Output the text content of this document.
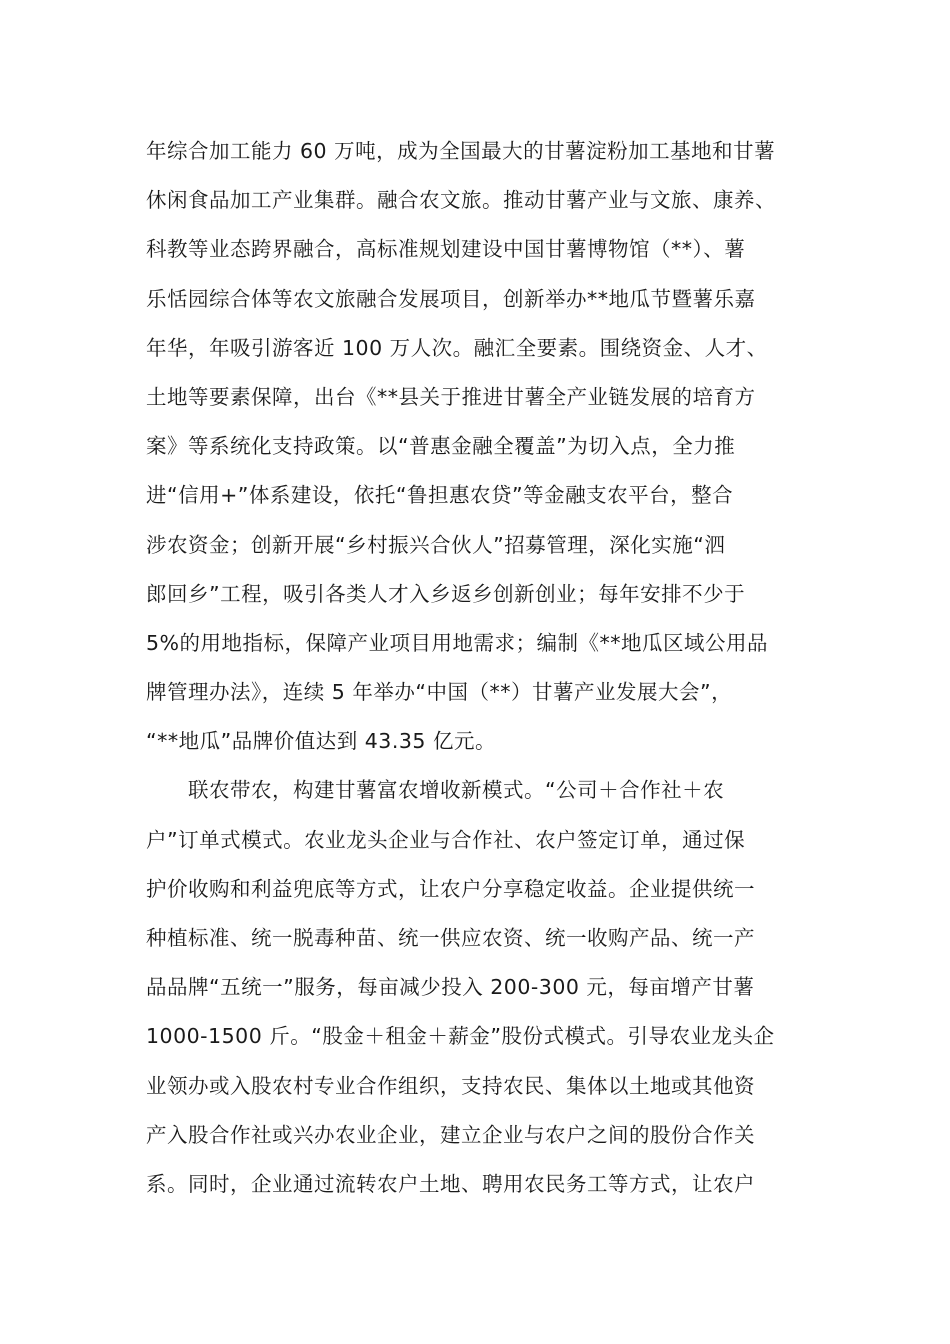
年综合加工能力 60 万吨，成为全国最大的甘薯淀粉加工基地和甘薯
休闲食品加工产业集群。融合农文旅。推动甘薯产业与文旅、康养、
科教等业态跨界融合，高标准规划建设中国甘薯博物馆（**）、薯
乐恬园综合体等农文旅融合发展项目，创新举办**地瓜节暨薯乐嘉
年华，年吸引游客近 100 万人次。融汇全要素。围绕资金、人才、
土地等要素保障，出台《**县关于推进甘薯全产业链发展的培育方
案》等系统化支持政策。以“普惠金融全覆盖”为切入点，全力推
进“信用+”体系建设，依托“鲁担惠农贷”等金融支农平台，整合
涉农资金；创新开展“乡村振兴合伙人”招募管理，深化实施“泗
郎回乡”工程，吸引各类人才入乡返乡创新创业；每年安排不少于
5%的用地指标，保障产业项目用地需求；编制《**地瓜区域公用品
牌管理办法》，连续 5 年举办“中国（**）甘薯产业发展大会”，
“**地瓜”品牌价值达到 43.35 亿元。
联农带农，构建甘薯富农增收新模式。“公司＋合作社＋农
户”订单式模式。农业龙头企业与合作社、农户签定订单，通过保
护价收购和利益兜底等方式，让农户分享稳定收益。企业提供统一
种植标准、统一脱毒种苗、统一供应农资、统一收购产品、统一产
品品牌“五统一”服务，每亩减少投入 200-300 元，每亩增产甘薯
1000-1500 斤。“股金＋租金＋薪金”股份式模式。引导农业龙头企
业领办或入股农村专业合作组织，支持农民、集体以土地或其他资
产入股合作社或兴办农业企业，建立企业与农户之间的股份合作关
系。同时，企业通过流转农户土地、聘用农民务工等方式，让农户
